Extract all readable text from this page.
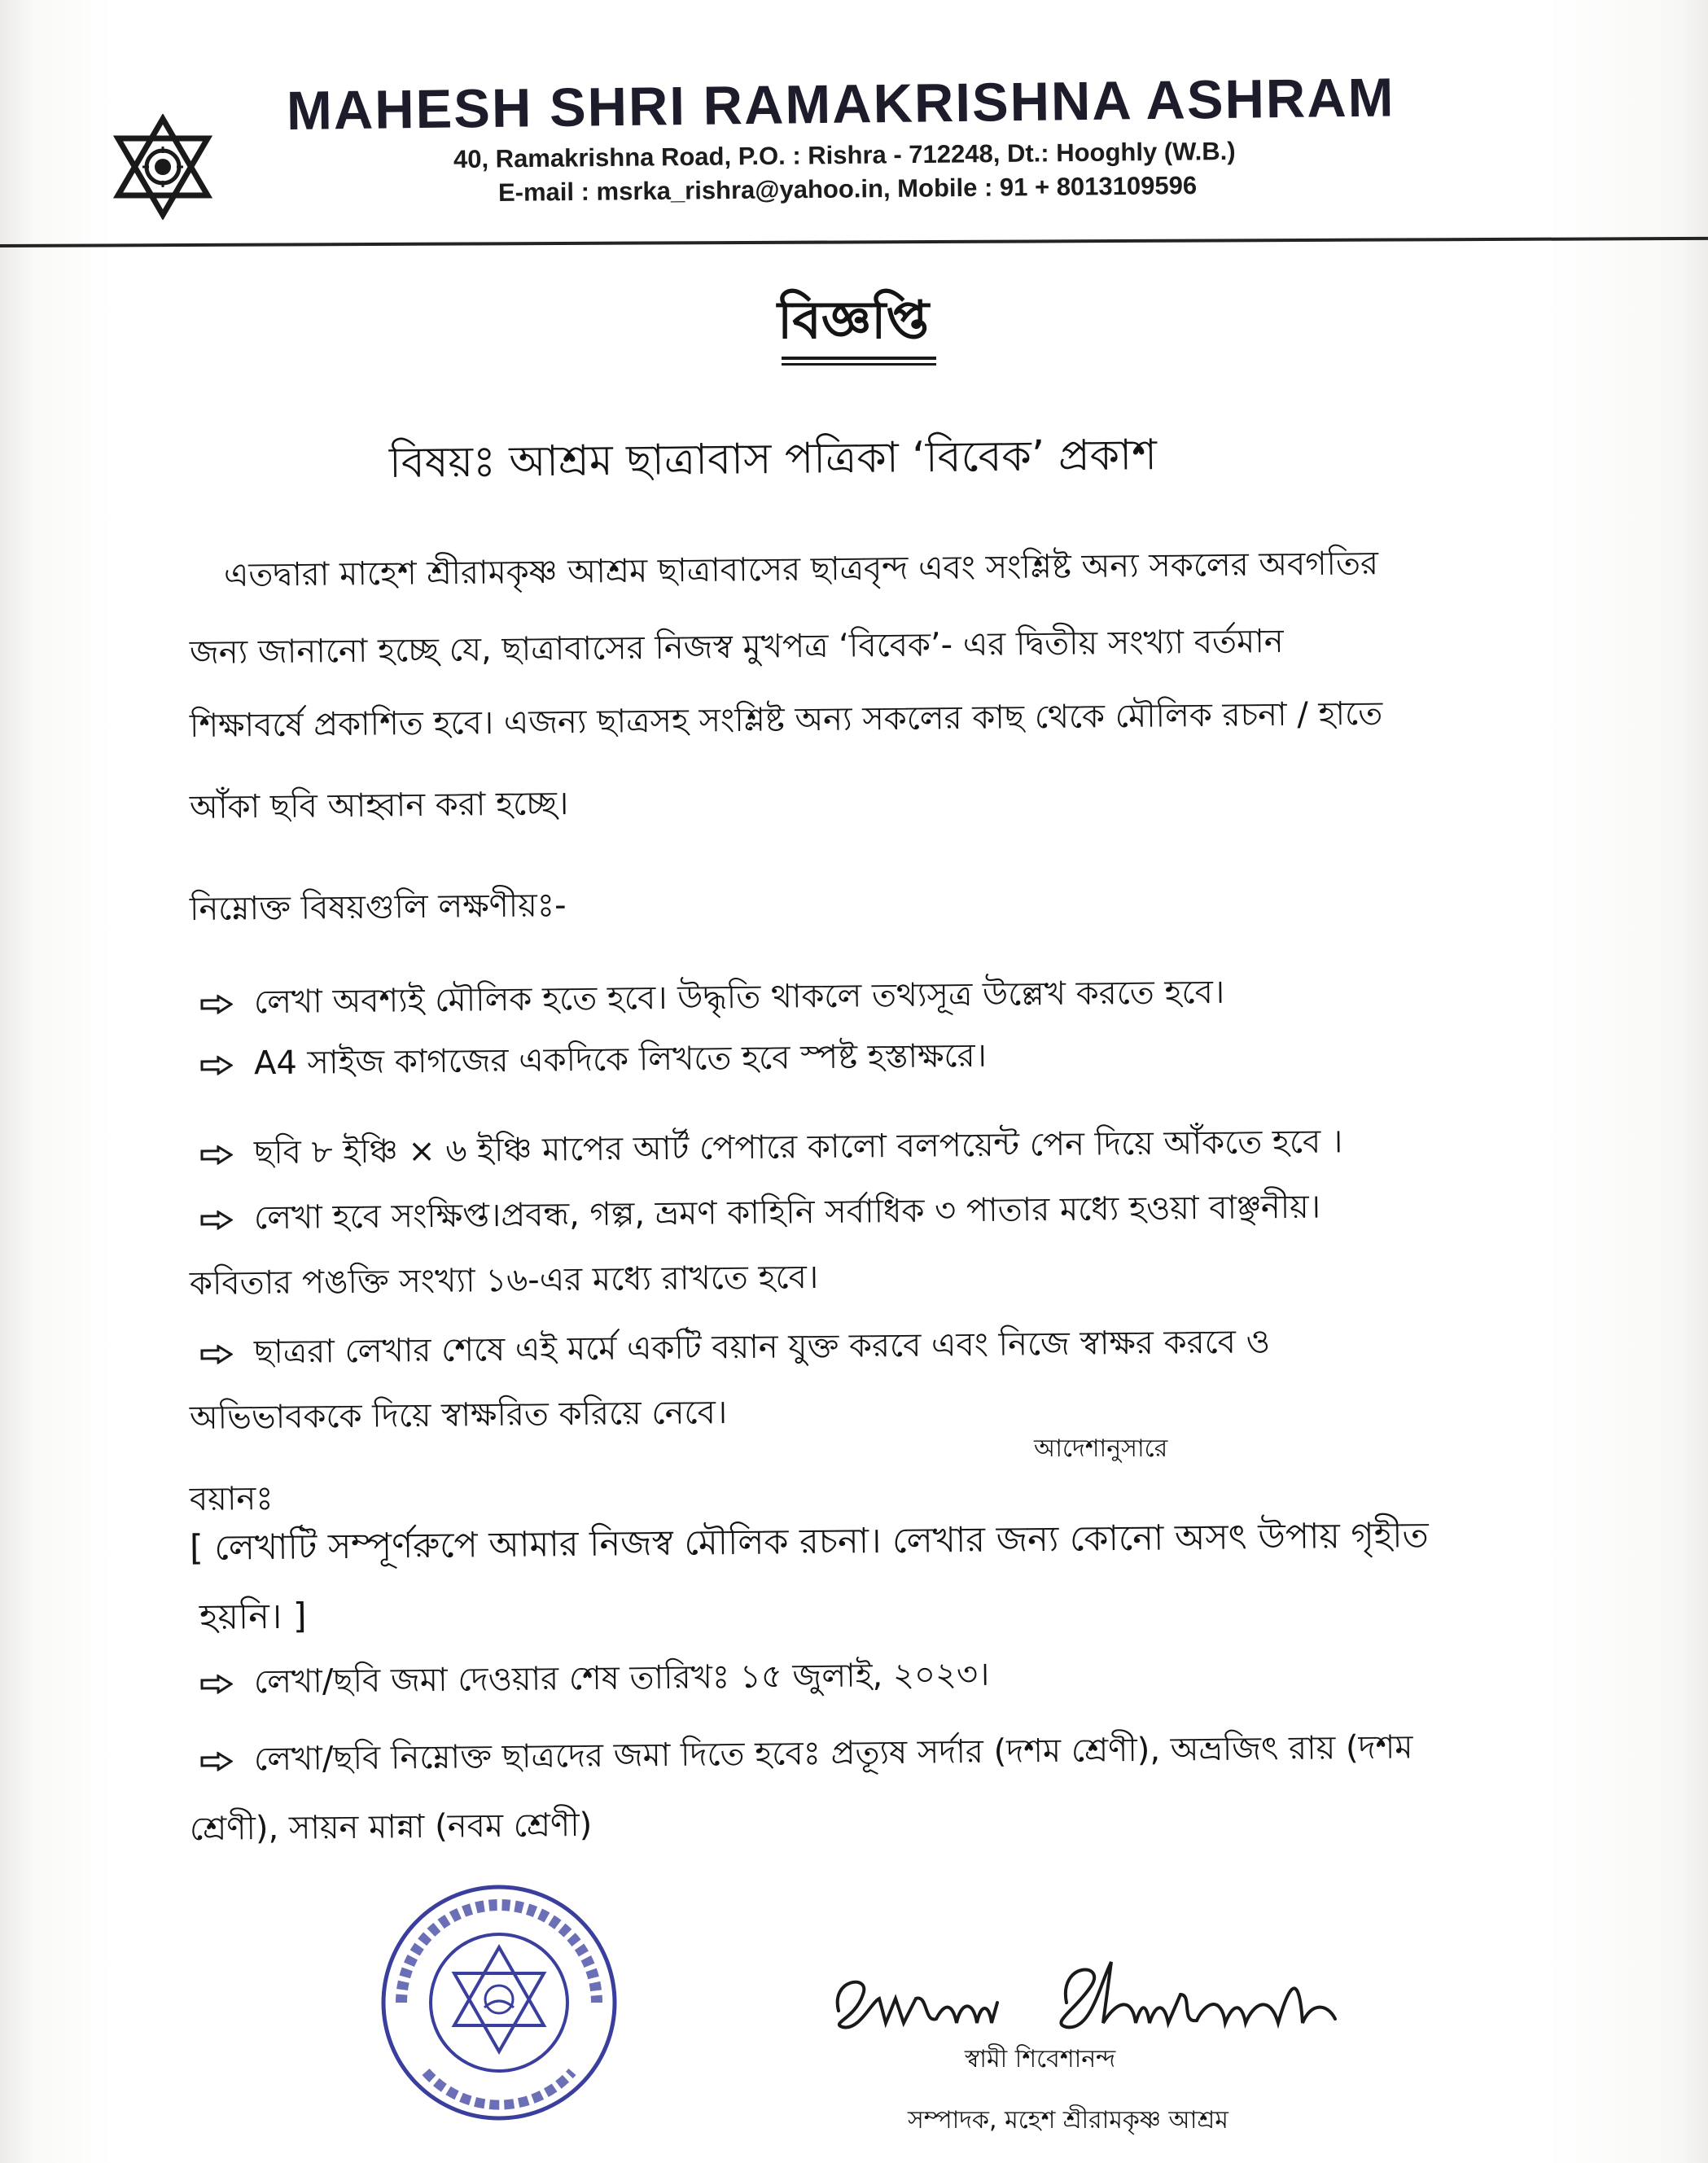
MAHESH SHRI RAMAKRISHNA ASHRAM
40, Ramakrishna Road, P.O. : Rishra - 712248, Dt.: Hooghly (W.B.)
E-mail : msrka_rishra@yahoo.in, Mobile : 91 + 8013109596
বিজ্ঞপ্তি
বিষয়ঃ আশ্রম ছাত্রাবাস পত্রিকা ‘বিবেক’ প্রকাশ
এতদ্বারা মাহেশ শ্রীরামকৃষ্ণ আশ্রম ছাত্রাবাসের ছাত্রবৃন্দ এবং সংশ্লিষ্ট অন্য সকলের অবগতির
জন্য জানানো হচ্ছে যে, ছাত্রাবাসের নিজস্ব মুখপত্র ‘বিবেক’- এর দ্বিতীয় সংখ্যা বর্তমান
শিক্ষাবর্ষে প্রকাশিত হবে। এজন্য ছাত্রসহ সংশ্লিষ্ট অন্য সকলের কাছ থেকে মৌলিক রচনা / হাতে
আঁকা ছবি আহ্বান করা হচ্ছে।
নিম্নোক্ত বিষয়গুলি লক্ষণীয়ঃ-
লেখা অবশ্যই মৌলিক হতে হবে। উদ্ধৃতি থাকলে তথ্যসূত্র উল্লেখ করতে হবে।
A4 সাইজ কাগজের একদিকে লিখতে হবে স্পষ্ট হস্তাক্ষরে।
ছবি ৮ ইঞ্চি × ৬ ইঞ্চি মাপের আর্ট পেপারে কালো বলপয়েন্ট পেন দিয়ে আঁকতে হবে ।
লেখা হবে সংক্ষিপ্ত।প্রবন্ধ, গল্প, ভ্রমণ কাহিনি সর্বাধিক ৩ পাতার মধ্যে হওয়া বাঞ্ছনীয়।
কবিতার পঙক্তি সংখ্যা ১৬-এর মধ্যে রাখতে হবে।
ছাত্ররা লেখার শেষে এই মর্মে একটি বয়ান যুক্ত করবে এবং নিজে স্বাক্ষর করবে ও
অভিভাবককে দিয়ে স্বাক্ষরিত করিয়ে নেবে।
বয়ানঃ
[ লেখাটি সম্পূর্ণরুপে আমার নিজস্ব মৌলিক রচনা। লেখার জন্য কোনো অসৎ উপায় গৃহীত
হয়নি। ]
লেখা/ছবি জমা দেওয়ার শেষ তারিখঃ ১৫ জুলাই, ২০২৩।
লেখা/ছবি নিম্নোক্ত ছাত্রদের জমা দিতে হবেঃ প্রত্যূষ সর্দার (দশম শ্রেণী), অভ্রজিৎ রায় (দশম
শ্রেণী), সায়ন মান্না (নবম শ্রেণী)
আদেশানুসারে
স্বামী শিবেশানন্দ
সম্পাদক, মহেশ শ্রীরামকৃষ্ণ আশ্রম
